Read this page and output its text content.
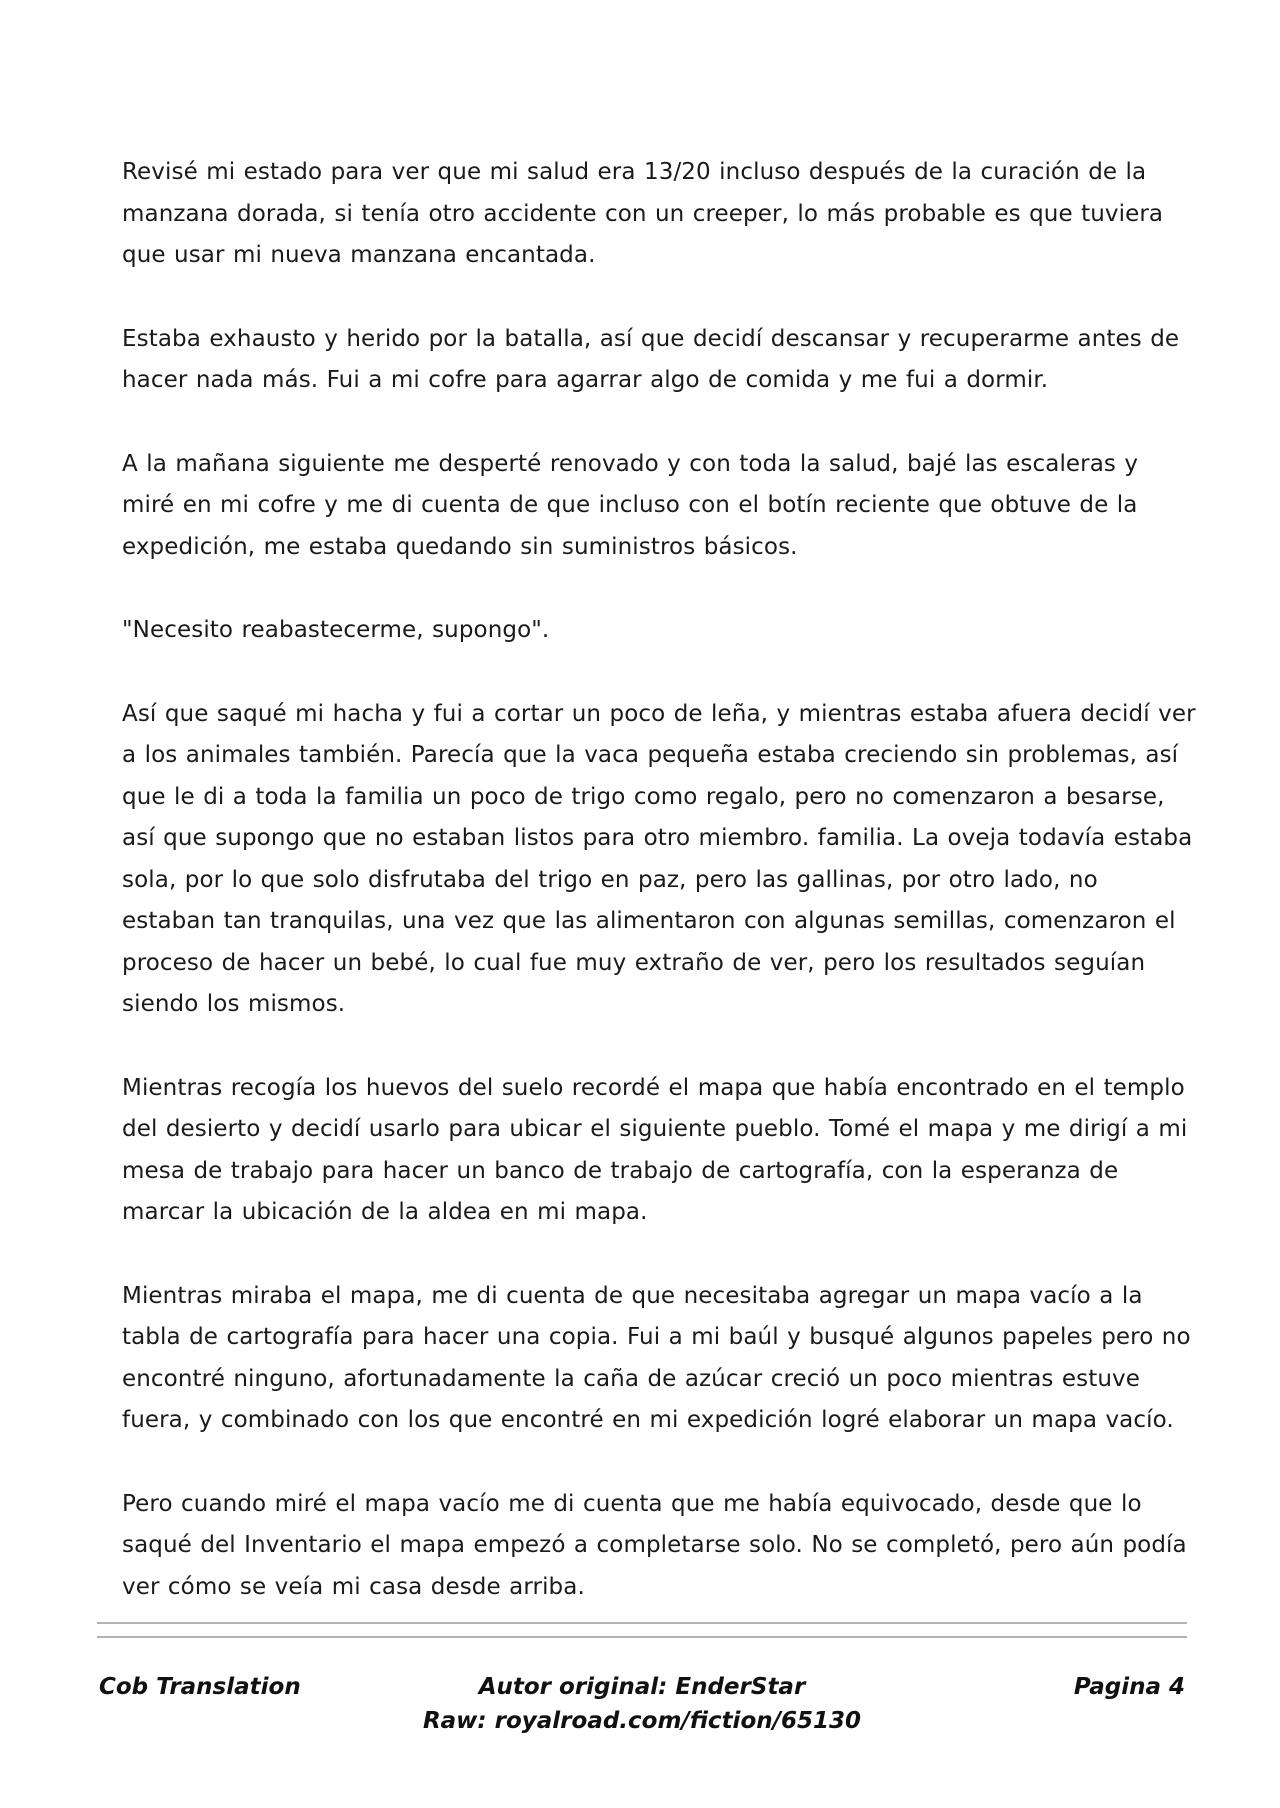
Revisé mi estado para ver que mi salud era 13/20 incluso después de la curación de la manzana dorada, si tenía otro accidente con un creeper, lo más probable es que tuviera que usar mi nueva manzana encantada.

Estaba exhausto y herido por la batalla, así que decidí descansar y recuperarme antes de hacer nada más. Fui a mi cofre para agarrar algo de comida y me fui a dormir.

A la mañana siguiente me desperté renovado y con toda la salud, bajé las escaleras y miré en mi cofre y me di cuenta de que incluso con el botín reciente que obtuve de la expedición, me estaba quedando sin suministros básicos.

"Necesito reabastecerme, supongo".

Así que saqué mi hacha y fui a cortar un poco de leña, y mientras estaba afuera decidí ver a los animales también. Parecía que la vaca pequeña estaba creciendo sin problemas, así que le di a toda la familia un poco de trigo como regalo, pero no comenzaron a besarse, así que supongo que no estaban listos para otro miembro. familia. La oveja todavía estaba sola, por lo que solo disfrutaba del trigo en paz, pero las gallinas, por otro lado, no estaban tan tranquilas, una vez que las alimentaron con algunas semillas, comenzaron el proceso de hacer un bebé, lo cual fue muy extraño de ver, pero los resultados seguían siendo los mismos.

Mientras recogía los huevos del suelo recordé el mapa que había encontrado en el templo del desierto y decidí usarlo para ubicar el siguiente pueblo. Tomé el mapa y me dirigí a mi mesa de trabajo para hacer un banco de trabajo de cartografía, con la esperanza de marcar la ubicación de la aldea en mi mapa.

Mientras miraba el mapa, me di cuenta de que necesitaba agregar un mapa vacío a la tabla de cartografía para hacer una copia. Fui a mi baúl y busqué algunos papeles pero no encontré ninguno, afortunadamente la caña de azúcar creció un poco mientras estuve fuera, y combinado con los que encontré en mi expedición logré elaborar un mapa vacío.

Pero cuando miré el mapa vacío me di cuenta que me había equivocado, desde que lo saqué del Inventario el mapa empezó a completarse solo. No se completó, pero aún podía ver cómo se veía mi casa desde arriba.

Cob Translation	Autor original: EnderStar
Raw: royalroad.com/fiction/65130
Pagina 4
